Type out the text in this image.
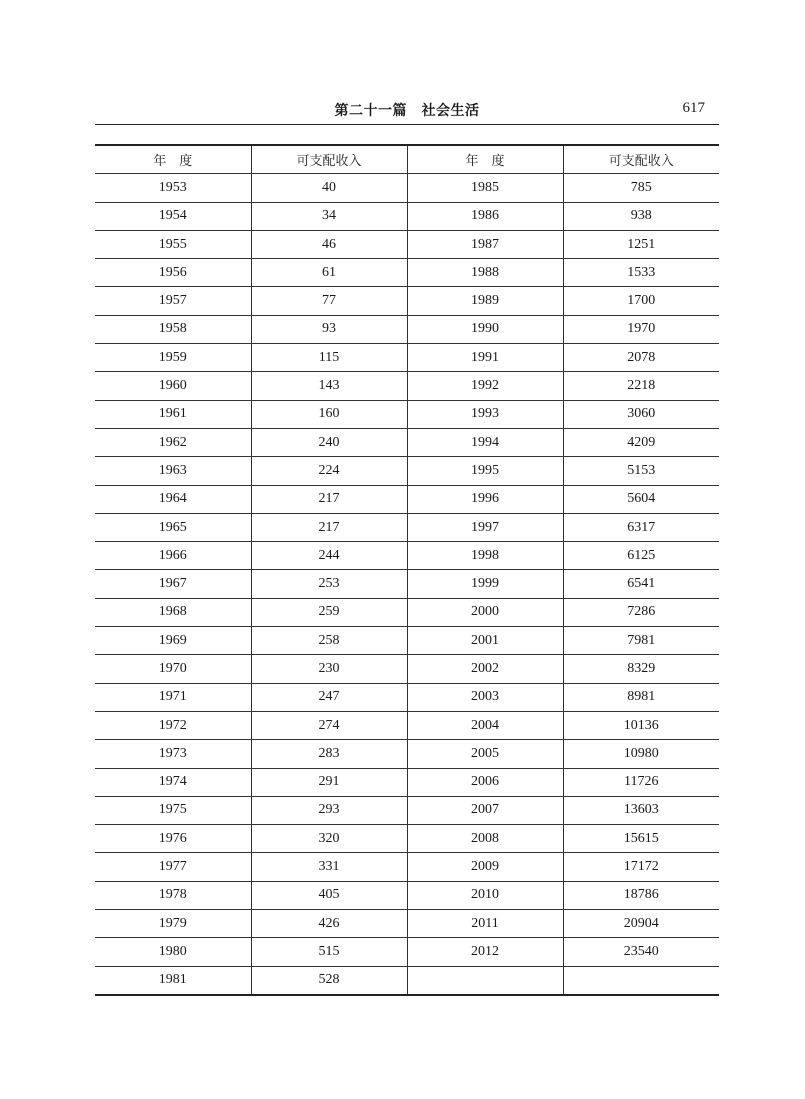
第二十一篇　社会生活	617
年　度	可支配收入	年　度	可支配收入
1953	40	1985	785
1954	34	1986	938
1955	46	1987	1251
1956	61	1988	1533
1957	77	1989	1700
1958	93	1990	1970
1959	115	1991	2078
1960	143	1992	2218
1961	160	1993	3060
1962	240	1994	4209
1963	224	1995	5153
1964	217	1996	5604
1965	217	1997	6317
1966	244	1998	6125
1967	253	1999	6541
1968	259	2000	7286
1969	258	2001	7981
1970	230	2002	8329
1971	247	2003	8981
1972	274	2004	10136
1973	283	2005	10980
1974	291	2006	11726
1975	293	2007	13603
1976	320	2008	15615
1977	331	2009	17172
1978	405	2010	18786
1979	426	2011	20904
1980	515	2012	23540
1981	528		
